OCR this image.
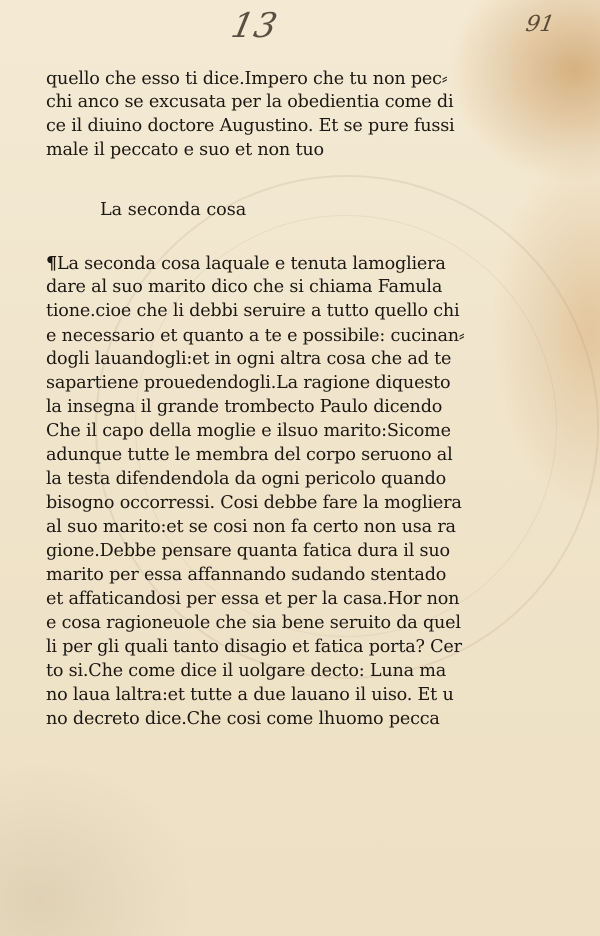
13	91
quello che esso ti dice.Impero che tu non pec⸗
chi anco se excusata per la obedientia come di
ce il diuino doctore Augustino. Et se pure fussi
male il peccato e suo et non tuo
La seconda cosa
¶La seconda cosa laquale e tenuta lamogliera
dare al suo marito dico che si chiama Famula
tione.cioe che li debbi seruire a tutto quello chi
e necessario et quanto a te e possibile: cucinan⸗
dogli lauandogli:et in ogni altra cosa che ad te
sapartiene prouedendogli.La ragione diquesto
la insegna il grande trombecto Paulo dicendo
Che il capo della moglie e ilsuo marito:Sicome
adunque tutte le membra del corpo seruono al
la testa difendendola da ogni pericolo quando
bisogno occorressi. Cosi debbe fare la mogliera
al suo marito:et se cosi non fa certo non usa ra
gione.Debbe pensare quanta fatica dura il suo
marito per essa affannando sudando stentado
et affaticandosi per essa et per la casa.Hor non
e cosa ragioneuole che sia bene seruito da quel
li per gli quali tanto disagio et fatica porta? Cer
to si.Che come dice il uolgare decto: Luna ma
no laua laltra:et tutte a due lauano il uiso. Et u
no decreto dice.Che cosi come lhuomo pecca
